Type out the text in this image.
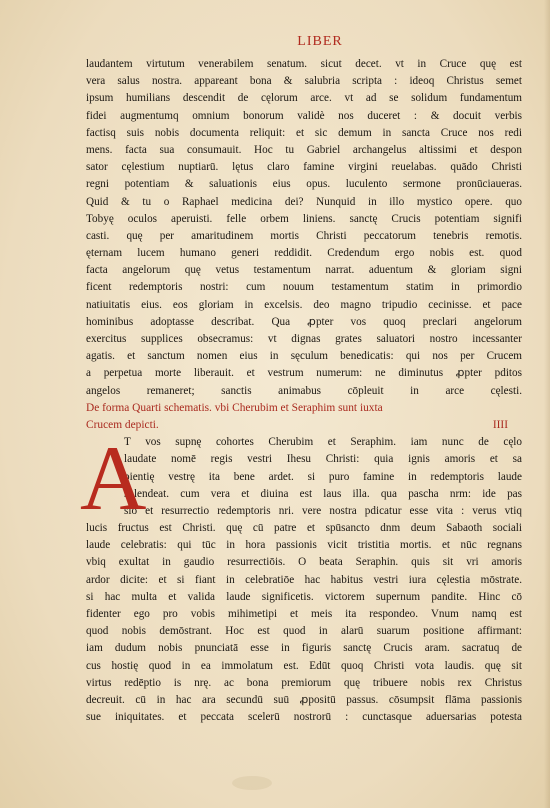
LIBER
laudantem virtutum venerabilem senatum. sicut decet. vt in Cruce quę est
vera salus nostra. appareant bona & salubria scripta : ideoq Christus semet
ipsum humilians descendit de cęlorum arce. vt ad se solidum fundamentum
fidei augmentumq omnium bonorum validè nos duceret : & docuit verbis
factisq suis nobis documenta reliquit: et sic demum in sancta Cruce nos redi
mens. facta sua consumauit. Hoc tu Gabriel archangelus altissimi et despon
sator cęlestium nuptiarū. lętus claro famine virgini reuelabas. quādo Christi
regni potentiam & saluationis eius opus. luculento sermone pronūciaueras.
Quid & tu o Raphael medicina dei? Nunquid in illo mystico opere. quo
Tobyę oculos aperuisti. felle orbem liniens. sanctę Crucis potentiam signifi
casti. quę per amaritudinem mortis Christi peccatorum tenebris remotis.
ęternam lucem humano generi reddidit. Credendum ergo nobis est. quod
facta angelorum quę vetus testamentum narrat. aduentum & gloriam signi
ficent redemptoris nostri: cum nouum testamentum statim in primordio
natiuitatis eius. eos gloriam in excelsis. deo magno tripudio cecinisse. et pace
hominibus adoptasse describat. Qua ꝓpter vos quoq preclari angelorum
exercitus supplices obsecramus: vt dignas grates saluatori nostro incessanter
agatis. et sanctum nomen eius in sęculum benedicatis: qui nos per Crucem
a perpetua morte liberauit. et vestrum numerum: ne diminutus ꝓpter pditos
angelos remaneret; sanctis animabus cōpleuit in arce cęlesti.
De forma Quarti schematis. vbi Cherubim et Seraphim sunt iuxta
Crucem depicti.	IIII
A
T vos supnę cohortes Cherubim et Seraphim. iam nunc de cęlo
laudate nomē regis vestri Ihesu Christi: quia ignis amoris et sa
pientię vestrę ita bene ardet. si puro famine in redemptoris laude
splendeat. cum vera et diuina est laus illa. qua pascha nrm: ide pas
sio et resurrectio redemptoris nri. vere nostra pdicatur esse vita : verus vtiq
lucis fructus est Christi. quę cū patre et spūsancto dnm deum Sabaoth sociali
laude celebratis: qui tūc in hora passionis vicit tristitia mortis. et nūc regnans
vbiq exultat in gaudio resurrectiōis. O beata Seraphin. quis sit vri amoris
ardor dicite: et si fiant in celebratiōe hac habitus vestri iura cęlestia mōstrate.
si hac multa et valida laude significetis. victorem supernum pandite. Hinc cō
fidenter ego pro vobis mihimetipi et meis ita respondeo. Vnum namq est
quod nobis demōstrant. Hoc est quod in alarū suarum positione affirmant:
iam dudum nobis pnunciatā esse in figuris sanctę Crucis aram. sacratuq de
cus hostię quod in ea immolatum est. Edūt quoq Christi vota laudis. quę sit
virtus redēptio is nrę. ac bona premiorum quę tribuere nobis rex Christus
decreuit. cū in hac ara secundū suū ꝓpositū passus. cōsumpsit flāma passionis
sue iniquitates. et peccata scelerū nostrorū : cunctasque aduersarias potesta
